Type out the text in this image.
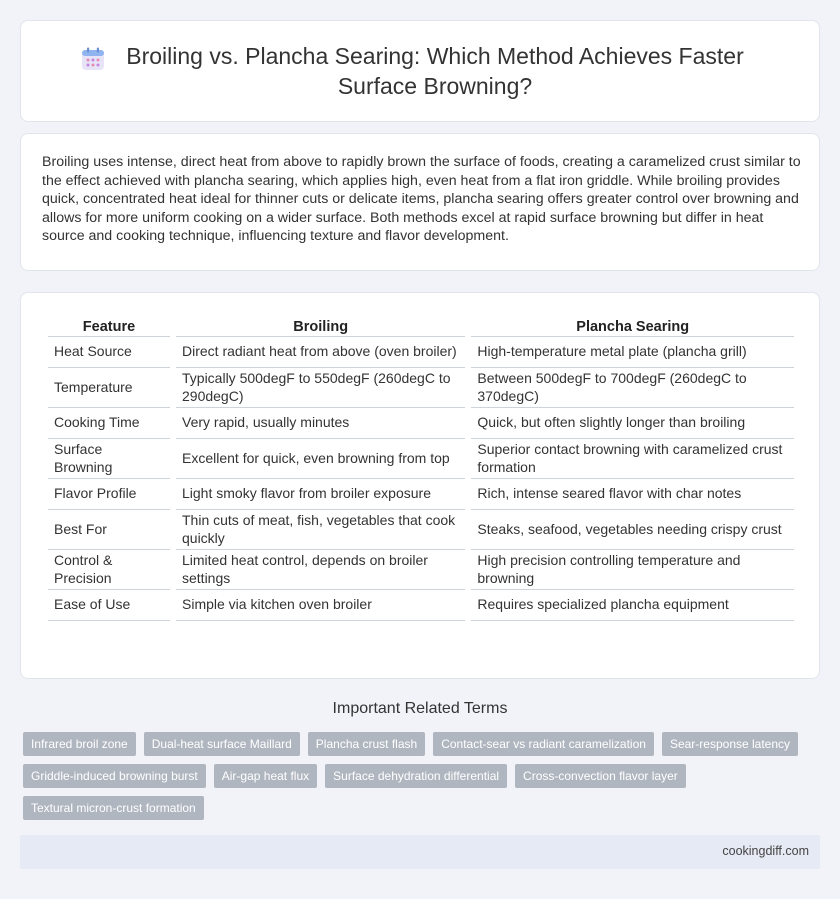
Broiling vs. Plancha Searing: Which Method Achieves Faster Surface Browning?

Broiling uses intense, direct heat from above to rapidly brown the surface of foods, creating a caramelized crust similar to the effect achieved with plancha searing, which applies high, even heat from a flat iron griddle. While broiling provides quick, concentrated heat ideal for thinner cuts or delicate items, plancha searing offers greater control over browning and allows for more uniform cooking on a wider surface. Both methods excel at rapid surface browning but differ in heat source and cooking technique, influencing texture and flavor development.

Feature	Broiling	Plancha Searing
Heat Source	Direct radiant heat from above (oven broiler)	High-temperature metal plate (plancha grill)
Temperature	Typically 500degF to 550degF (260degC to 290degC)	Between 500degF to 700degF (260degC to 370degC)
Cooking Time	Very rapid, usually minutes	Quick, but often slightly longer than broiling
Surface Browning	Excellent for quick, even browning from top	Superior contact browning with caramelized crust formation
Flavor Profile	Light smoky flavor from broiler exposure	Rich, intense seared flavor with char notes
Best For	Thin cuts of meat, fish, vegetables that cook quickly	Steaks, seafood, vegetables needing crispy crust
Control & Precision	Limited heat control, depends on broiler settings	High precision controlling temperature and browning
Ease of Use	Simple via kitchen oven broiler	Requires specialized plancha equipment
Important Related Terms
Infrared broil zone	Dual-heat surface Maillard	Plancha crust flash	Contact-sear vs radiant caramelization	Sear-response latency
Griddle-induced browning burst	Air-gap heat flux	Surface dehydration differential	Cross-convection flavor layer
Textural micron-crust formation
cookingdiff.com
